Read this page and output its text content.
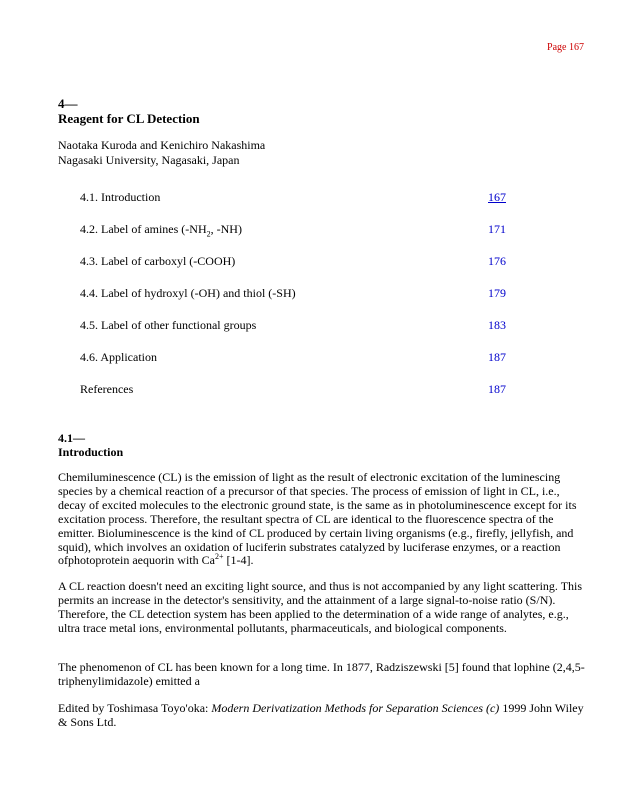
Page 167
4—
Reagent for CL Detection
Naotaka Kuroda and Kenichiro Nakashima
Nagasaki University, Nagasaki, Japan
4.1. Introduction	167
4.2. Label of amines ($-NH_2$, -NH)	171
4.3. Label of carboxyl (-COOH)	176
4.4. Label of hydroxyl (-OH) and thiol (-SH)	179
4.5. Label of other functional groups	183
4.6. Application	187
References	187
4.1—
Introduction

Chemiluminescence (CL) is the emission of light as the result of electronic excitation of the luminescing species by a chemical reaction of a precursor of that species. The process of emission of light in CL, i.e., decay of excited molecules to the electronic ground state, is the same as in photoluminescence except for its excitation process. Therefore, the resultant spectra of CL are identical to the fluorescence spectra of the emitter. Bioluminescence is the kind of CL produced by certain living organisms (e.g., firefly, jellyfish, and squid), which involves an oxidation of luciferin substrates catalyzed by luciferase enzymes, or a reaction ofphotoprotein aequorin with $Ca^{2+}$ [1-4].

A CL reaction doesn't need an exciting light source, and thus is not accompanied by any light scattering. This permits an increase in the detector's sensitivity, and the attainment of a large signal-to-noise ratio (S/N). Therefore, the CL detection system has been applied to the determination of a wide range of analytes, e.g., ultra trace metal ions, environmental pollutants, pharmaceuticals, and biological components.

The phenomenon of CL has been known for a long time. In 1877, Radziszewski [5] found that lophine (2,4,5-triphenylimidazole) emitted a

Edited by Toshimasa Toyo'oka: Modern Derivatization Methods for Separation Sciences (c) 1999 John Wiley & Sons Ltd.
